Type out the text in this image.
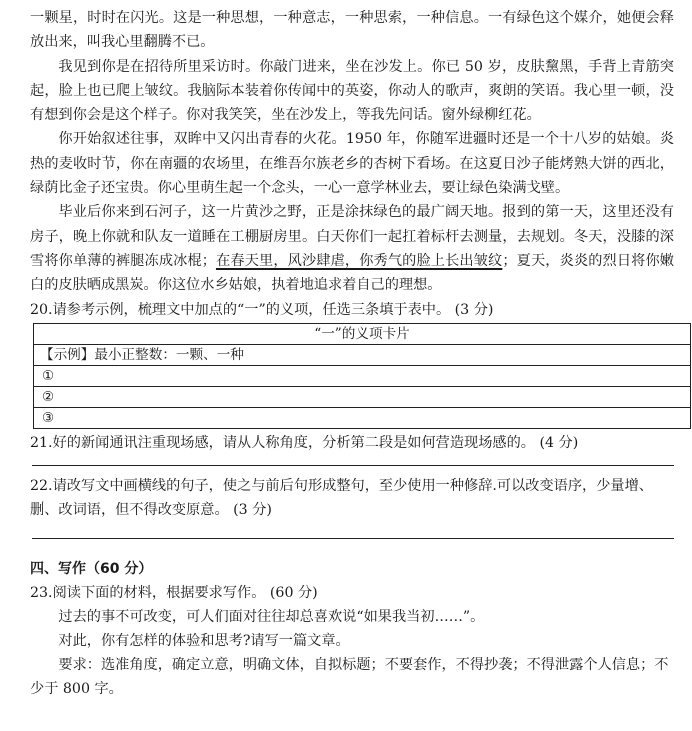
一颗星，时时在闪光。这是一种思想，一种意志，一种思索，一种信息。一有绿色这个媒介，她便会释放出来，叫我心里翻腾不已。

我见到你是在招待所里采访时。你敲门进来，坐在沙发上。你已 50 岁，皮肤黧黑，手背上青筋突起，脸上也已爬上皱纹。我脑际本装着你传闻中的英姿，你动人的歌声，爽朗的笑语。我心里一顿，没有想到你会是这个样子。你对我笑笑，坐在沙发上，等我先问话。窗外绿柳红花。

你开始叙述往事，双眸中又闪出青春的火花。1950 年，你随军进疆时还是一个十八岁的姑娘。炎热的麦收时节，你在南疆的农场里，在维吾尔族老乡的杏树下看场。在这夏日沙子能烤熟大饼的西北，绿荫比金子还宝贵。你心里萌生起一个念头，一心一意学林业去，要让绿色染满戈壁。

毕业后你来到石河子，这一片黄沙之野，正是涂抹绿色的最广阔天地。报到的第一天，这里还没有房子，晚上你就和队友一道睡在工棚厨房里。白天你们一起扛着标杆去测量，去规划。冬天，没膝的深雪将你单薄的裤腿冻成冰棍；在春天里，风沙肆虐，你秀气的脸上长出皱纹；夏天，炎炎的烈日将你嫩白的皮肤晒成黑炭。你这位水乡姑娘，执着地追求着自己的理想。

20.请参考示例，梳理文中加点的“一”的义项，任选三条填于表中。 (3 分)

“一”的义项卡片
【示例】最小正整数：一颗、一种
①
②
③

21.好的新闻通讯注重现场感，请从人称角度，分析第二段是如何营造现场感的。 (4 分)

22.请改写文中画横线的句子，使之与前后句形成整句，至少使用一种修辞.可以改变语序，少量增、删、改词语，但不得改变原意。 (3 分)

四、写作（60 分）

23.阅读下面的材料，根据要求写作。 (60 分)

过去的事不可改变，可人们面对往往却总喜欢说“如果我当初……”。

对此，你有怎样的体验和思考?请写一篇文章。

要求：选准角度，确定立意，明确文体，自拟标题；不要套作，不得抄袭；不得泄露个人信息；不少于 800 字。
